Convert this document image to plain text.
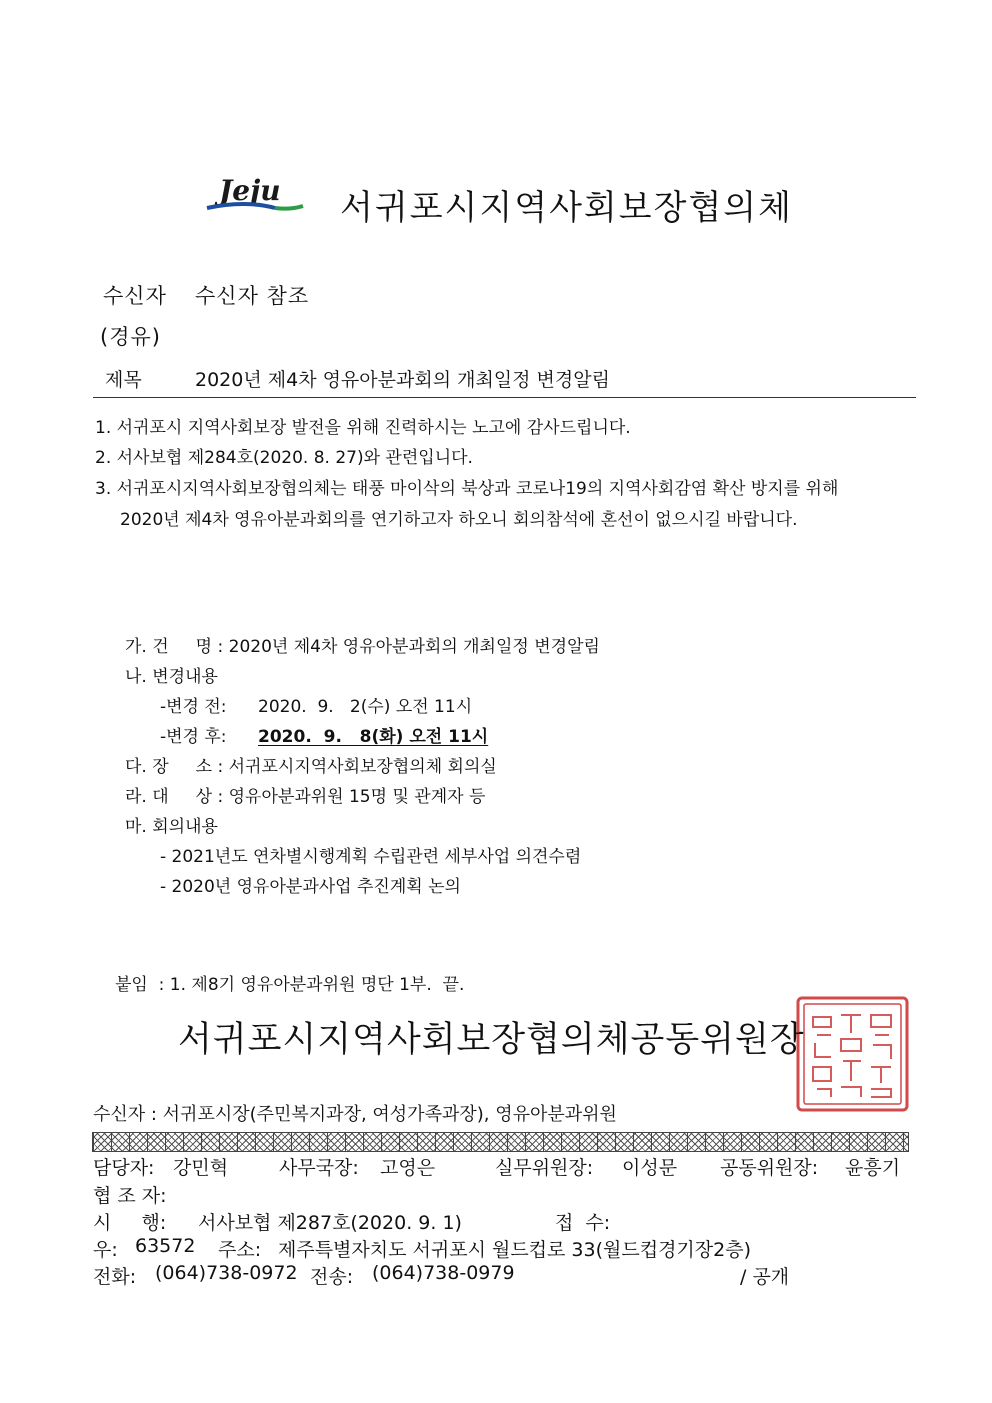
Jeju 서귀포시지역사회보장협의체
수신자 수신자 참조
(경유)
제목	2020년 제4차 영유아분과회의 개최일정 변경알림
1. 서귀포시 지역사회보장 발전을 위해 진력하시는 노고에 감사드립니다.
2. 서사보협 제284호(2020. 8. 27)와 관련입니다.
3. 서귀포시지역사회보장협의체는 태풍 마이삭의 북상과 코로나19의 지역사회감염 확산 방지를 위해
2020년 제4차 영유아분과회의를 연기하고자 하오니 회의참석에 혼선이 없으시길 바랍니다.
가. 건     명 : 2020년 제4차 영유아분과회의 개최일정 변경알림
나. 변경내용
-변경 전: 2020.  9.   2(수) 오전 11시
-변경 후: 2020.  9.   8(화) 오전 11시
다. 장     소 : 서귀포시지역사회보장협의체 회의실
라. 대     상 : 영유아분과위원 15명 및 관계자 등
마. 회의내용
- 2021년도 연차별시행계획 수립관련 세부사업 의견수렴
- 2020년 영유아분과사업 추진계획 논의
붙임  : 1. 제8기 영유아분과위원 명단 1부.  끝.
서귀포시지역사회보장협의체공동위원장
수신자 : 서귀포시장(주민복지과장, 여성가족과장), 영유아분과위원
담당자: 강민혁	사무국장: 고영은	실무위원장: 이성문 공동위원장: 윤흥기
협 조 자:
시     행: 서사보협 제287호(2020. 9. 1)	접  수:
우: 63572 주소: 제주특별자치도 서귀포시 월드컵로 33(월드컵경기장2층)
전화: (064)738-0972 전송: (064)738-0979	/ 공개
